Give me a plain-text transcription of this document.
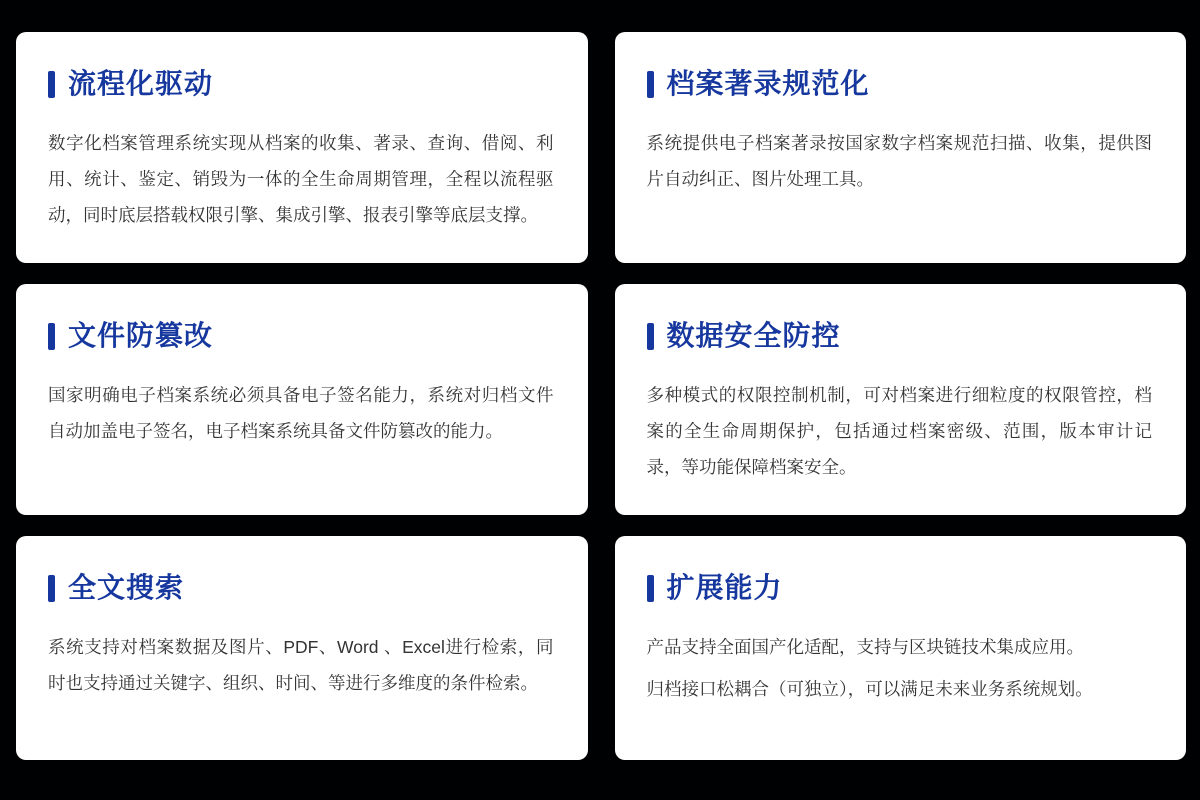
流程化驱动

数字化档案管理系统实现从档案的收集、著录、查询、借阅、利用、统计、鉴定、销毁为一体的全生命周期管理，全程以流程驱动，同时底层搭载权限引擎、集成引擎、报表引擎等底层支撑。

档案著录规范化

系统提供电子档案著录按国家数字档案规范扫描、收集，提供图片自动纠正、图片处理工具。

文件防篡改

国家明确电子档案系统必须具备电子签名能力，系统对归档文件自动加盖电子签名，电子档案系统具备文件防篡改的能力。

数据安全防控

多种模式的权限控制机制，可对档案进行细粒度的权限管控，档案的全生命周期保护，包括通过档案密级、范围，版本审计记录，等功能保障档案安全。

全文搜索

系统支持对档案数据及图片、PDF、Word 、Excel进行检索，同时也支持通过关键字、组织、时间、等进行多维度的条件检索。

扩展能力

产品支持全面国产化适配，支持与区块链技术集成应用。

归档接口松耦合（可独立），可以满足未来业务系统规划。
